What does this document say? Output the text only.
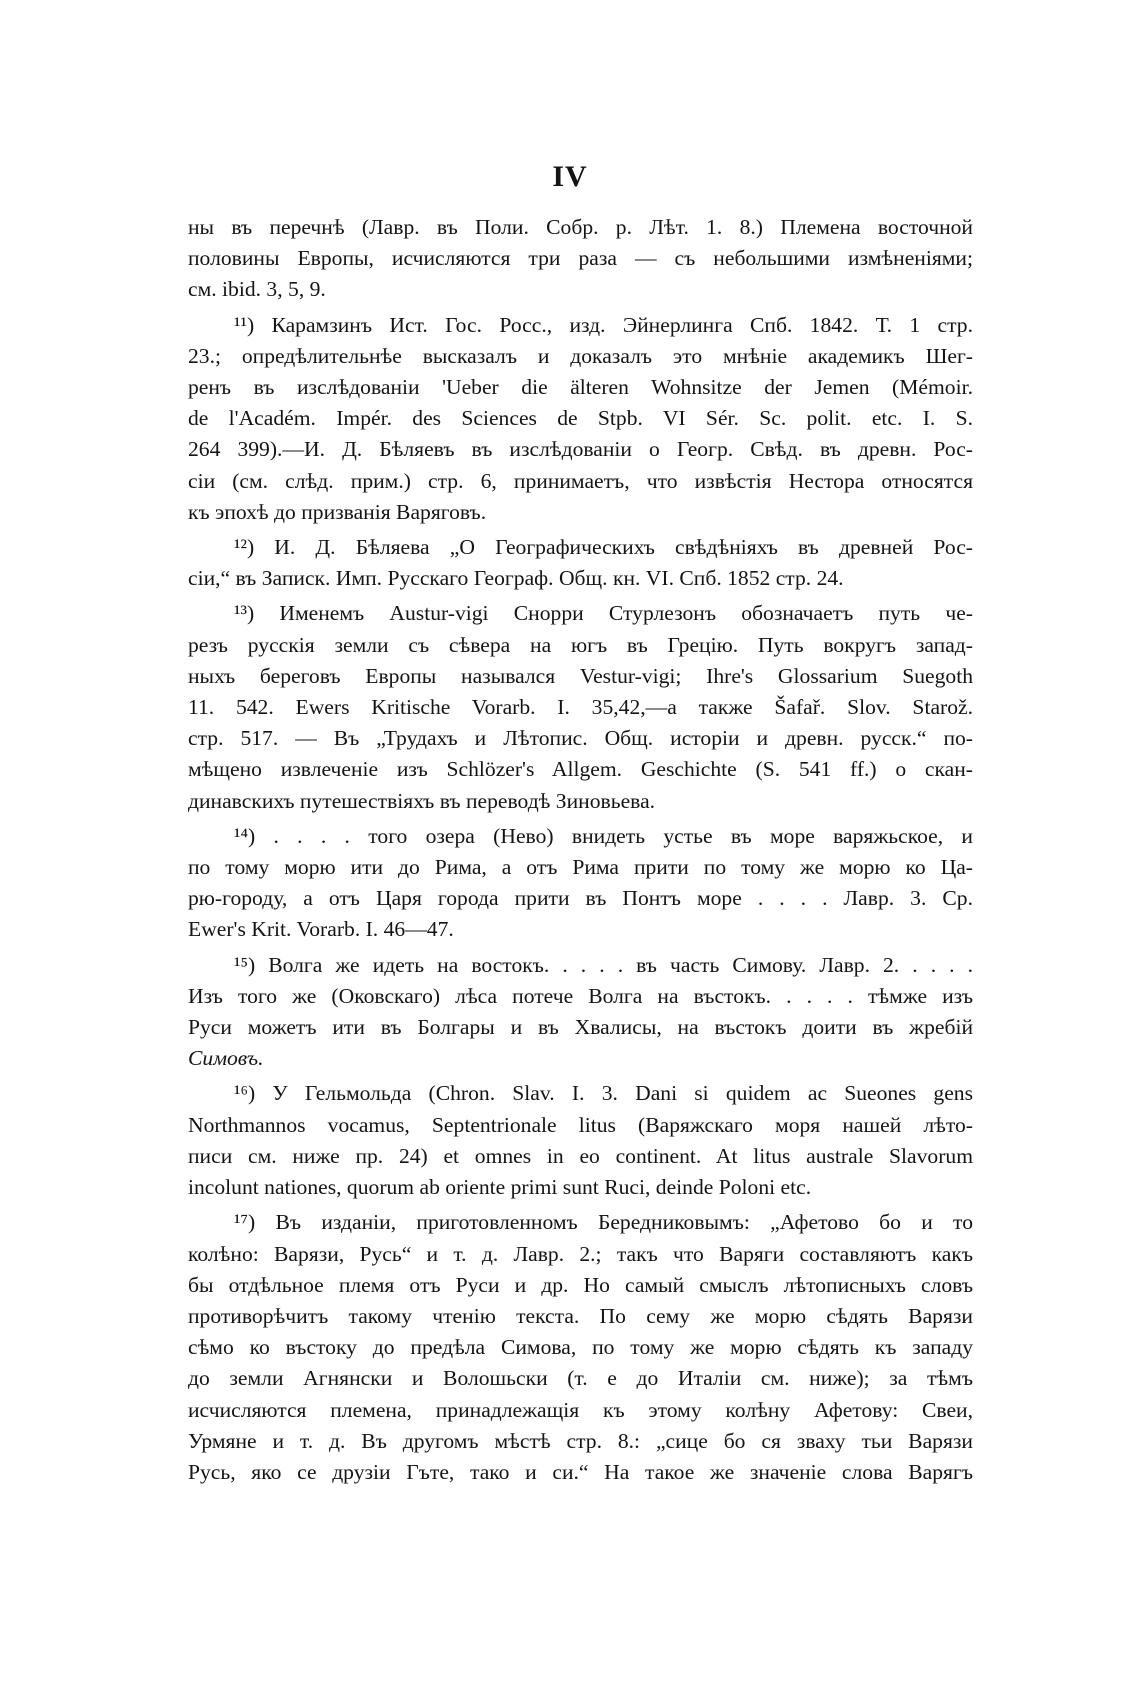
IV
ны въ перечнѣ (Лавр. въ Поли. Собр. р. Лѣт. 1. 8.) Племена восточной
половины Европы, исчисляются три раза — съ небольшими измѣненіями;
см. ibid. 3, 5, 9.
¹¹) Карамзинъ Ист. Гос. Росс., изд. Эйнерлинга Спб. 1842. Т. 1 стр.
23.; опредѣлительнѣе высказалъ и доказалъ это мнѣніе академикъ Шег-
ренъ въ изслѣдованіи 'Ueber die älteren Wohnsitze der Jemen (Mémoir.
de l'Académ. Impér. des Sciences de Stpb. VI Sér. Sc. polit. etc. I. S.
264 399).—И. Д. Бѣляевъ въ изслѣдованіи о Геогр. Свѣд. въ древн. Рос-
сіи (см. слѣд. прим.) стр. 6, принимаетъ, что извѣстія Нестора относятся
къ эпохѣ до призванія Варяговъ.
¹²) И. Д. Бѣляева „О Географическихъ свѣдѣніяхъ въ древней Рос-
сіи,“ въ Записк. Имп. Русскаго Географ. Общ. кн. VI. Спб. 1852 стр. 24.
¹³) Именемъ Austur-vigi Снорри Стурлезонъ обозначаетъ путь че-
резъ русскія земли съ сѣвера на югъ въ Грецію. Путь вокругъ запад-
ныхъ береговъ Европы назывался Vestur-vigi; Ihre's Glossarium Suegoth
11. 542. Ewers Kritische Vorarb. I. 35,42,—а также Šafař. Slov. Starož.
стр. 517. — Въ „Трудахъ и Лѣтопис. Общ. исторіи и древн. русск.“ по-
мѣщено извлеченіе изъ Schlözer's Allgem. Geschichte (S. 541 ff.) о скан-
динавскихъ путешествіяхъ въ переводѣ Зиновьева.
¹⁴) . . . . того озера (Нево) внидеть устье въ море варяжьское, и
по тому морю ити до Рима, а отъ Рима прити по тому же морю ко Ца-
рю-городу, а отъ Царя города прити въ Понтъ море . . . . Лавр. 3. Ср.
Ewer's Krit. Vorarb. I. 46—47.
¹⁵) Волга же идеть на востокъ. . . . . въ часть Симову. Лавр. 2. . . . .
Изъ того же (Оковскаго) лѣса потече Волга на въстокъ. . . . . тѣмже изъ
Руси можетъ ити въ Болгары и въ Хвалисы, на въстокъ доити въ жребій
Симовъ.
¹⁶) У Гельмольда (Chron. Slav. I. 3. Dani si quidem ac Sueones gens
Northmannos vocamus, Septentrionale litus (Варяжскаго моря нашей лѣто-
писи см. ниже пр. 24) et omnes in eo continent. At litus australe Slavorum
incolunt nationes, quorum ab oriente primi sunt Ruci, deinde Poloni etc.
¹⁷) Въ изданіи, приготовленномъ Бередниковымъ: „Афетово бо и то
колѣно: Варязи, Русь“ и т. д. Лавр. 2.; такъ что Варяги составляютъ какъ
бы отдѣльное племя отъ Руси и др. Но самый смыслъ лѣтописныхъ словъ
противорѣчитъ такому чтенію текста. По сему же морю сѣдять Варязи
сѣмо ко въстоку до предѣла Симова, по тому же морю сѣдять къ западу
до земли Агнянски и Волошьски (т. е до Италіи см. ниже); за тѣмъ
исчисляются племена, принадлежащія къ этому колѣну Афетову: Свеи,
Урмяне и т. д. Въ другомъ мѣстѣ стр. 8.: „сице бо ся зваху тьи Варязи
Русь, яко се друзіи Гъте, тако и си.“ На такое же значеніе слова Варягъ
